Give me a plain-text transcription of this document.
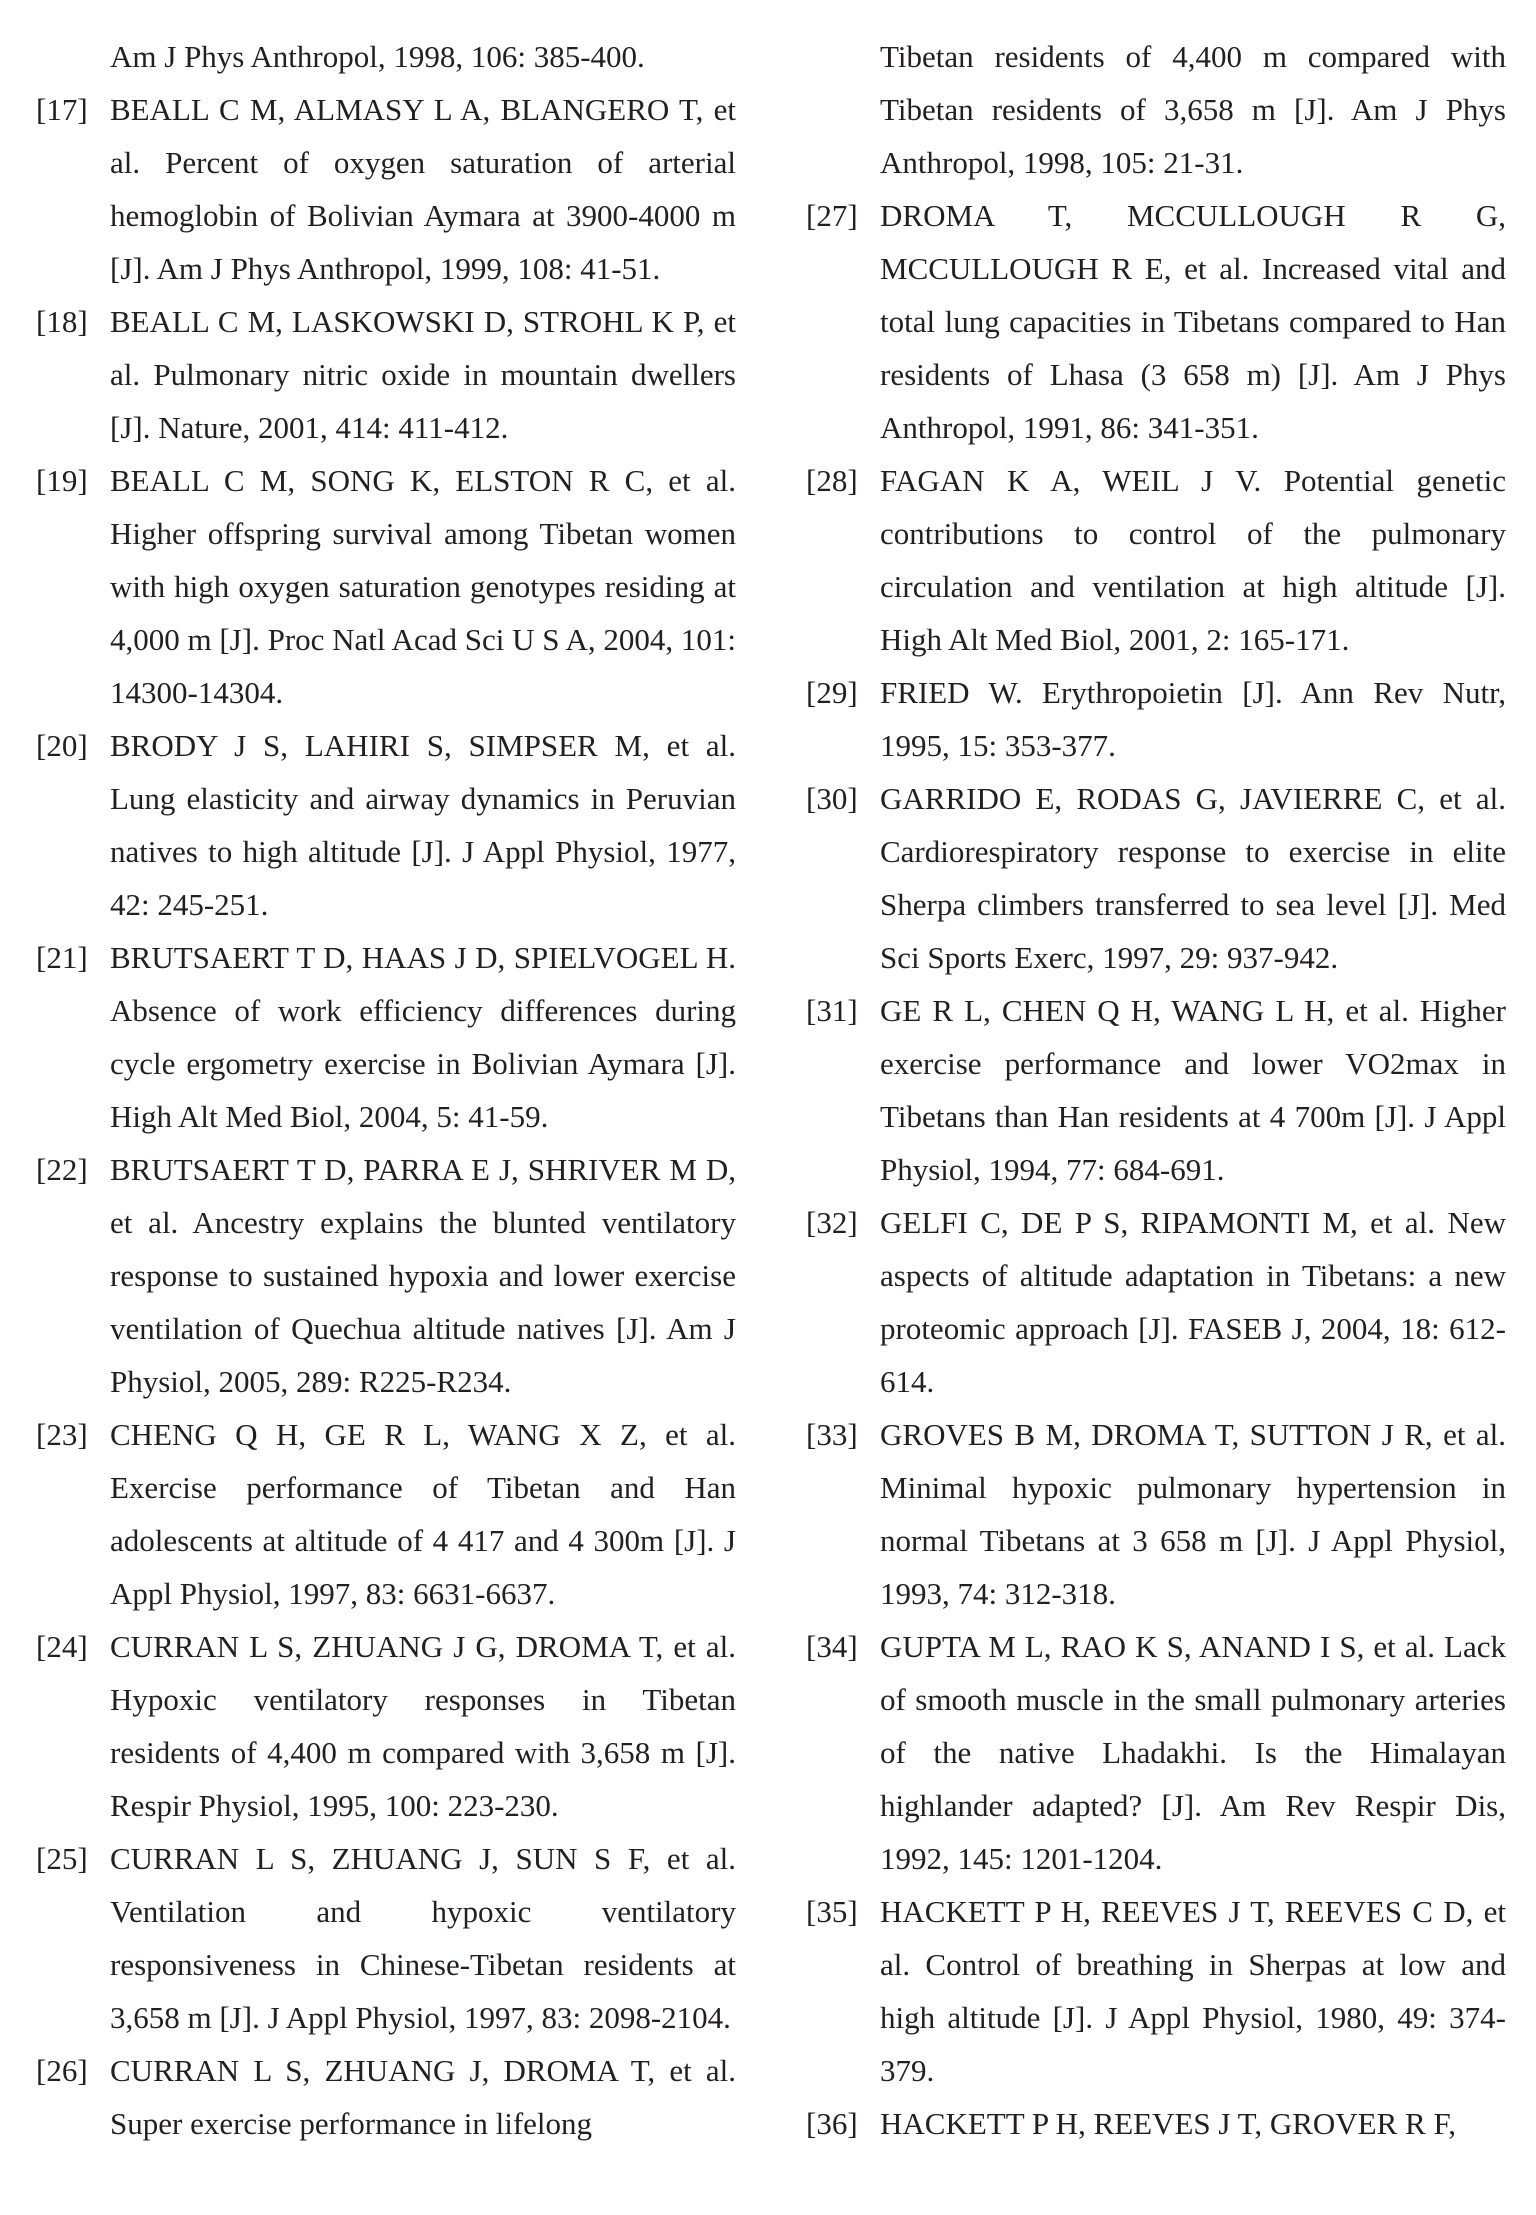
Am J Phys Anthropol, 1998, 106: 385-400.

[17] BEALL C M, ALMASY L A, BLANGERO T, et al. Percent of oxygen saturation of arterial hemoglobin of Bolivian Aymara at 3900-4000 m [J]. Am J Phys Anthropol, 1999, 108: 41-51.

[18] BEALL C M, LASKOWSKI D, STROHL K P, et al. Pulmonary nitric oxide in mountain dwellers [J]. Nature, 2001, 414: 411-412.

[19] BEALL C M, SONG K, ELSTON R C, et al. Higher offspring survival among Tibetan women with high oxygen saturation genotypes residing at 4,000 m [J]. Proc Natl Acad Sci U S A, 2004, 101: 14300-14304.

[20] BRODY J S, LAHIRI S, SIMPSER M, et al. Lung elasticity and airway dynamics in Peruvian natives to high altitude [J]. J Appl Physiol, 1977, 42: 245-251.

[21] BRUTSAERT T D, HAAS J D, SPIELVOGEL H. Absence of work efficiency differences during cycle ergometry exercise in Bolivian Aymara [J]. High Alt Med Biol, 2004, 5: 41-59.

[22] BRUTSAERT T D, PARRA E J, SHRIVER M D, et al. Ancestry explains the blunted ventilatory response to sustained hypoxia and lower exercise ventilation of Quechua altitude natives [J]. Am J Physiol, 2005, 289: R225-R234.

[23] CHENG Q H, GE R L, WANG X Z, et al. Exercise performance of Tibetan and Han adolescents at altitude of 4 417 and 4 300m [J]. J Appl Physiol, 1997, 83: 6631-6637.

[24] CURRAN L S, ZHUANG J G, DROMA T, et al. Hypoxic ventilatory responses in Tibetan residents of 4,400 m compared with 3,658 m [J]. Respir Physiol, 1995, 100: 223-230.

[25] CURRAN L S, ZHUANG J, SUN S F, et al. Ventilation and hypoxic ventilatory responsiveness in Chinese-Tibetan residents at 3,658 m [J]. J Appl Physiol, 1997, 83: 2098-2104.

[26] CURRAN L S, ZHUANG J, DROMA T, et al. Super exercise performance in lifelong

Tibetan residents of 4,400 m compared with Tibetan residents of 3,658 m [J]. Am J Phys Anthropol, 1998, 105: 21-31.

[27] DROMA T, MCCULLOUGH R G, MCCULLOUGH R E, et al. Increased vital and total lung capacities in Tibetans compared to Han residents of Lhasa (3 658 m) [J]. Am J Phys Anthropol, 1991, 86: 341-351.

[28] FAGAN K A, WEIL J V. Potential genetic contributions to control of the pulmonary circulation and ventilation at high altitude [J]. High Alt Med Biol, 2001, 2: 165-171.

[29] FRIED W. Erythropoietin [J]. Ann Rev Nutr, 1995, 15: 353-377.

[30] GARRIDO E, RODAS G, JAVIERRE C, et al. Cardiorespiratory response to exercise in elite Sherpa climbers transferred to sea level [J]. Med Sci Sports Exerc, 1997, 29: 937-942.

[31] GE R L, CHEN Q H, WANG L H, et al. Higher exercise performance and lower VO2max in Tibetans than Han residents at 4 700m [J]. J Appl Physiol, 1994, 77: 684-691.

[32] GELFI C, DE P S, RIPAMONTI M, et al. New aspects of altitude adaptation in Tibetans: a new proteomic approach [J]. FASEB J, 2004, 18: 612-614.

[33] GROVES B M, DROMA T, SUTTON J R, et al. Minimal hypoxic pulmonary hypertension in normal Tibetans at 3 658 m [J]. J Appl Physiol, 1993, 74: 312-318.

[34] GUPTA M L, RAO K S, ANAND I S, et al. Lack of smooth muscle in the small pulmonary arteries of the native Lhadakhi. Is the Himalayan highlander adapted? [J]. Am Rev Respir Dis, 1992, 145: 1201-1204.

[35] HACKETT P H, REEVES J T, REEVES C D, et al. Control of breathing in Sherpas at low and high altitude [J]. J Appl Physiol, 1980, 49: 374-379.

[36] HACKETT P H, REEVES J T, GROVER R F,
